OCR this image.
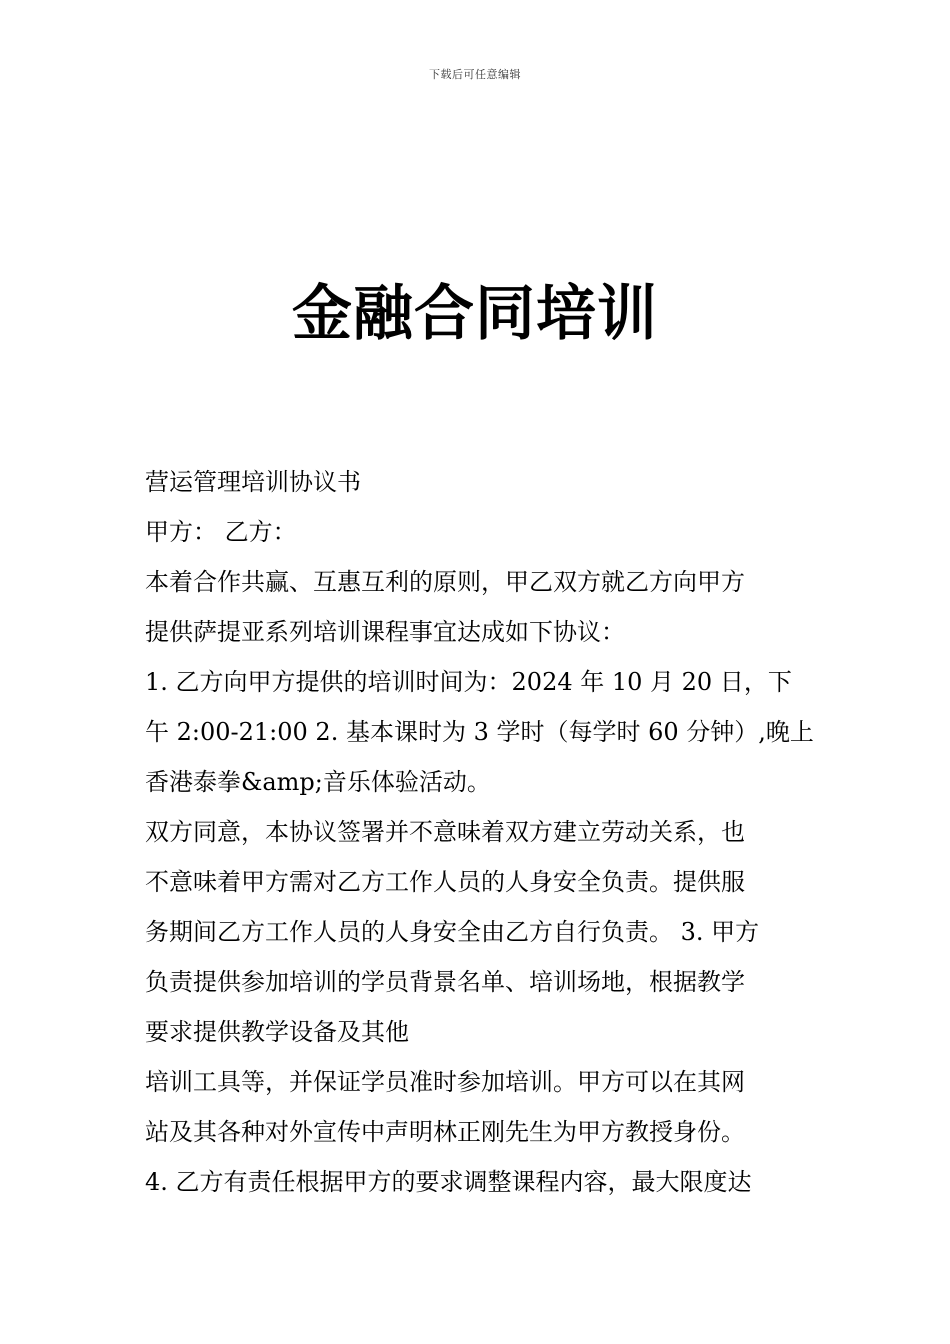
下载后可任意编辑
金融合同培训
营运管理培训协议书
甲方： 乙方：
本着合作共赢、互惠互利的原则，甲乙双方就乙方向甲方
提供萨提亚系列培训课程事宜达成如下协议：
1. 乙方向甲方提供的培训时间为：2024 年 10 月 20 日，下
午 2:00-21:00 2. 基本课时为 3 学时（每学时 60 分钟）,晚上
香港泰拳&amp;音乐体验活动。
双方同意，本协议签署并不意味着双方建立劳动关系，也
不意味着甲方需对乙方工作人员的人身安全负责。提供服
务期间乙方工作人员的人身安全由乙方自行负责。 3. 甲方
负责提供参加培训的学员背景名单、培训场地，根据教学
要求提供教学设备及其他
培训工具等，并保证学员准时参加培训。甲方可以在其网
站及其各种对外宣传中声明林正刚先生为甲方教授身份。
4. 乙方有责任根据甲方的要求调整课程内容，最大限度达
